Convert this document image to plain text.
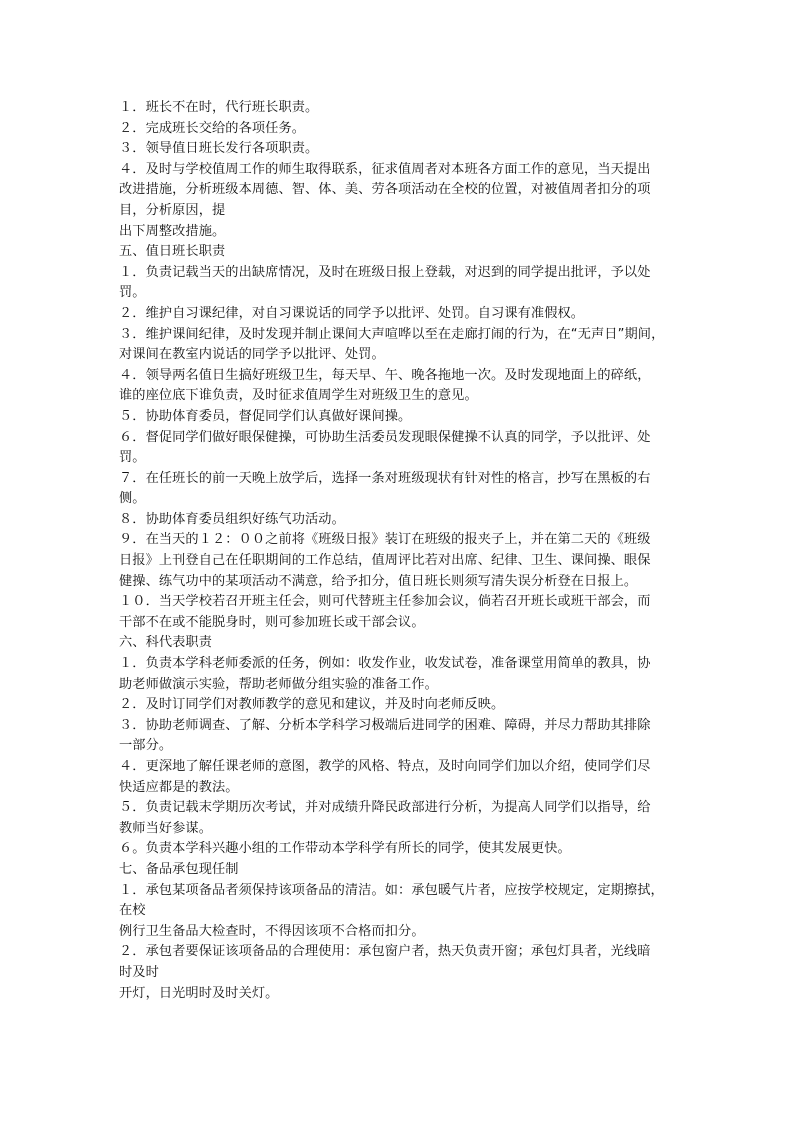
１．班长不在时，代行班长职责。
２．完成班长交给的各项任务。
３．领导值日班长发行各项职责。
４．及时与学校值周工作的师生取得联系，征求值周者对本班各方面工作的意见，当天提出
改进措施，分析班级本周德、智、体、美、劳各项活动在全校的位置，对被值周者扣分的项
目，分析原因，提
出下周整改措施。
五、值日班长职责
１．负责记载当天的出缺席情况，及时在班级日报上登载，对迟到的同学提出批评，予以处
罚。
２．维护自习课纪律，对自习课说话的同学予以批评、处罚。自习课有准假权。
３．维护课间纪律，及时发现并制止课间大声喧哗以至在走廊打闹的行为，在“无声日”期间，
对课间在教室内说话的同学予以批评、处罚。
４．领导两名值日生搞好班级卫生，每天早、午、晚各拖地一次。及时发现地面上的碎纸，
谁的座位底下谁负责，及时征求值周学生对班级卫生的意见。
５．协助体育委员，督促同学们认真做好课间操。
６．督促同学们做好眼保健操，可协助生活委员发现眼保健操不认真的同学，予以批评、处
罚。
７．在任班长的前一天晚上放学后，选择一条对班级现状有针对性的格言，抄写在黑板的右
侧。
８．协助体育委员组织好练气功活动。
９．在当天的１２：００之前将《班级日报》装订在班级的报夹子上，并在第二天的《班级
日报》上刊登自己在任职期间的工作总结，值周评比若对出席、纪律、卫生、课间操、眼保
健操、练气功中的某项活动不满意，给予扣分，值日班长则须写清失误分析登在日报上。
１０．当天学校若召开班主任会，则可代替班主任参加会议，倘若召开班长或班干部会，而
干部不在或不能脱身时，则可参加班长或干部会议。
六、科代表职责
１．负责本学科老师委派的任务，例如：收发作业，收发试卷，准备课堂用简单的教具，协
助老师做演示实验，帮助老师做分组实验的准备工作。
２．及时订同学们对教师教学的意见和建议，并及时向老师反映。
３．协助老师调查、了解、分析本学科学习极端后进同学的困难、障碍，并尽力帮助其排除
一部分。
４．更深地了解任课老师的意图，教学的风格、特点，及时向同学们加以介绍，使同学们尽
快适应都是的教法。
５．负责记载末学期历次考试，并对成绩升降民政部进行分析，为提高人同学们以指导，给
教师当好参谋。
６。负责本学科兴趣小组的工作带动本学科学有所长的同学，使其发展更快。
七、备品承包现任制
１．承包某项备品者须保持该项备品的清洁。如：承包暖气片者，应按学校规定，定期擦拭，
在校
例行卫生备品大检查时，不得因该项不合格而扣分。
２．承包者要保证该项备品的合理使用：承包窗户者，热天负责开窗；承包灯具者，光线暗
时及时
开灯，日光明时及时关灯。
